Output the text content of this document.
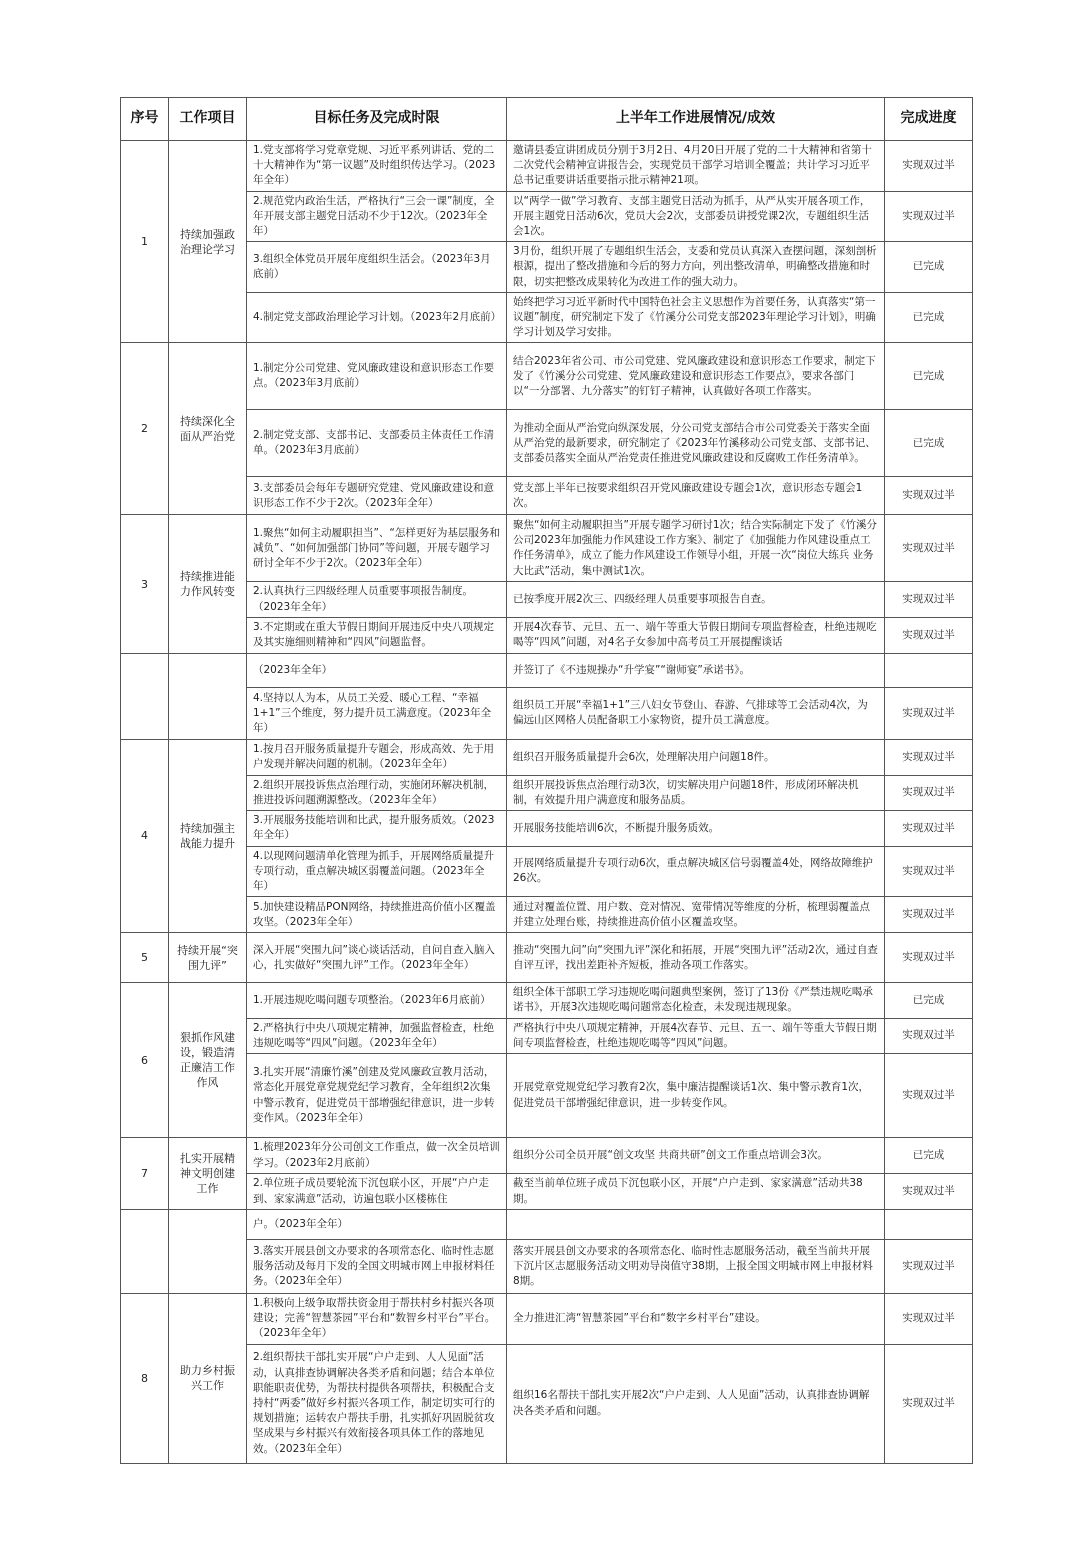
序号	工作项目	目标任务及完成时限	上半年工作进展情况/成效	完成进度
1	持续加强政治理论学习	1.党支部将学习党章党规、习近平系列讲话、党的二十大精神作为“第一议题”及时组织传达学习。（2023年全年）	邀请县委宣讲团成员分别于3月2日、4月20日开展了党的二十大精神和省第十二次党代会精神宣讲报告会，实现党员干部学习培训全覆盖；共计学习习近平总书记重要讲话重要指示批示精神21项。	实现双过半
		2.规范党内政治生活，严格执行“三会一课”制度，全年开展支部主题党日活动不少于12次。（2023年全年）	以“两学一做”学习教育、支部主题党日活动为抓手，从严从实开展各项工作，开展主题党日活动6次，党员大会2次，支部委员讲授党课2次，专题组织生活会1次。	实现双过半
		3.组织全体党员开展年度组织生活会。（2023年3月底前）	3月份，组织开展了专题组织生活会，支委和党员认真深入查摆问题，深刻剖析根源，提出了整改措施和今后的努力方向，列出整改清单，明确整改措施和时限，切实把整改成果转化为改进工作的强大动力。	已完成
		4.制定党支部政治理论学习计划。（2023年2月底前）	始终把学习习近平新时代中国特色社会主义思想作为首要任务，认真落实“第一议题”制度，研究制定下发了《竹溪分公司党支部2023年理论学习计划》，明确学习计划及学习安排。	已完成
2	持续深化全面从严治党	1.制定分公司党建、党风廉政建设和意识形态工作要点。（2023年3月底前）	结合2023年省公司、市公司党建、党风廉政建设和意识形态工作要求，制定下发了《竹溪分公司党建、党风廉政建设和意识形态工作要点》，要求各部门以“一分部署、九分落实”的钉钉子精神，认真做好各项工作落实。	已完成
		2.制定党支部、支部书记、支部委员主体责任工作清单。（2023年3月底前）	为推动全面从严治党向纵深发展，分公司党支部结合市公司党委关于落实全面从严治党的最新要求，研究制定了《2023年竹溪移动公司党支部、支部书记、支部委员落实全面从严治党责任推进党风廉政建设和反腐败工作任务清单》。	已完成
		3.支部委员会每年专题研究党建、党风廉政建设和意识形态工作不少于2次。（2023年全年）	党支部上半年已按要求组织召开党风廉政建设专题会1次，意识形态专题会1次。	实现双过半
3	持续推进能力作风转变	1.聚焦“如何主动履职担当”、“怎样更好为基层服务和减负”、“如何加强部门协同”等问题，开展专题学习研讨全年不少于2次。（2023年全年）	聚焦“如何主动履职担当”开展专题学习研讨1次；结合实际制定下发了《竹溪分公司2023年加强能力作风建设工作方案》、制定了《加强能力作风建设重点工作任务清单》，成立了能力作风建设工作领导小组，开展一次“岗位大练兵 业务大比武”活动，集中测试1次。	实现双过半
		2.认真执行三四级经理人员重要事项报告制度。（2023年全年）	已按季度开展2次三、四级经理人员重要事项报告自查。	实现双过半
		3.不定期或在重大节假日期间开展违反中央八项规定及其实施细则精神和“四风”问题监督。	开展4次春节、元旦、五一、端午等重大节假日期间专项监督检查，杜绝违规吃喝等“四风”问题，对4名子女参加中高考员工开展提醒谈话	实现双过半
		（2023年全年）	并签订了《不违规操办“升学宴”“谢师宴”承诺书》。	
		4.坚持以人为本，从员工关爱、暖心工程、“幸福1+1”三个维度，努力提升员工满意度。（2023年全年）	组织员工开展“幸福1+1”三八妇女节登山、春游、气排球等工会活动4次，为偏远山区网格人员配备职工小家物资，提升员工满意度。	实现双过半
4	持续加强主战能力提升	1.按月召开服务质量提升专题会，形成高效、先于用户发现并解决问题的机制。（2023年全年）	组织召开服务质量提升会6次，处理解决用户问题18件。	实现双过半
		2.组织开展投诉焦点治理行动，实施闭环解决机制，推进投诉问题溯源整改。（2023年全年）	组织开展投诉焦点治理行动3次，切实解决用户问题18件，形成闭环解决机制，有效提升用户满意度和服务品质。	实现双过半
		3.开展服务技能培训和比武，提升服务质效。（2023年全年）	开展服务技能培训6次，不断提升服务质效。	实现双过半
		4.以现网问题清单化管理为抓手，开展网络质量提升专项行动，重点解决城区弱覆盖问题。（2023年全年）	开展网络质量提升专项行动6次，重点解决城区信号弱覆盖4处，网络故障维护26次。	实现双过半
		5.加快建设精品PON网络，持续推进高价值小区覆盖攻坚。（2023年全年）	通过对覆盖位置、用户数、竞对情况、宽带情况等维度的分析，梳理弱覆盖点并建立处理台账，持续推进高价值小区覆盖攻坚。	实现双过半
5	持续开展“突围九评”	深入开展“突围九问”谈心谈话活动，自问自查入脑入心，扎实做好“突围九评”工作。（2023年全年）	推动“突围九问”向“突围九评”深化和拓展，开展“突围九评”活动2次，通过自查自评互评，找出差距补齐短板，推动各项工作落实。	实现双过半
6	狠抓作风建设，锻造清正廉洁工作作风	1.开展违规吃喝问题专项整治。（2023年6月底前）	组织全体干部职工学习违规吃喝问题典型案例，签订了13份《严禁违规吃喝承诺书》，开展3次违规吃喝问题常态化检查，未发现违规现象。	已完成
		2.严格执行中央八项规定精神，加强监督检查，杜绝违规吃喝等“四风”问题。（2023年全年）	严格执行中央八项规定精神，开展4次春节、元旦、五一、端午等重大节假日期间专项监督检查，杜绝违规吃喝等“四风”问题。	实现双过半
		3.扎实开展“清廉竹溪”创建及党风廉政宣教月活动，常态化开展党章党规党纪学习教育，全年组织2次集中警示教育，促进党员干部增强纪律意识，进一步转变作风。（2023年全年）	开展党章党规党纪学习教育2次，集中廉洁提醒谈话1次、集中警示教育1次，促进党员干部增强纪律意识，进一步转变作风。	实现双过半
7	扎实开展精神文明创建工作	1.梳理2023年分公司创文工作重点，做一次全员培训学习。（2023年2月底前）	组织分公司全员开展“创文攻坚 共商共研”创文工作重点培训会3次。	已完成
		2.单位班子成员要轮流下沉包联小区，开展“户户走到、家家满意”活动，访遍包联小区楼栋住	截至当前单位班子成员下沉包联小区，开展“户户走到、家家满意”活动共38期。	实现双过半
		户。（2023年全年）		
		3.落实开展县创文办要求的各项常态化、临时性志愿服务活动及每月下发的全国文明城市网上申报材料任务。（2023年全年）	落实开展县创文办要求的各项常态化、临时性志愿服务活动，截至当前共开展下沉片区志愿服务活动文明劝导岗值守38期，上报全国文明城市网上申报材料8期。	实现双过半
8	助力乡村振兴工作	1.积极向上级争取帮扶资金用于帮扶村乡村振兴各项建设；完善“智慧茶园”平台和“数智乡村平台”平台。（2023年全年）	全力推进汇湾“智慧茶园”平台和“数字乡村平台”建设。	实现双过半
		2.组织帮扶干部扎实开展“户户走到、人人见面”活动，认真排查协调解决各类矛盾和问题；结合本单位职能职责优势，为帮扶村提供各项帮扶，积极配合支持村“两委”做好乡村振兴各项工作，制定切实可行的规划措施；运转农户帮扶手册，扎实抓好巩固脱贫攻坚成果与乡村振兴有效衔接各项具体工作的落地见效。（2023年全年）	组织16名帮扶干部扎实开展2次“户户走到、人人见面”活动，认真排查协调解决各类矛盾和问题。	实现双过半
